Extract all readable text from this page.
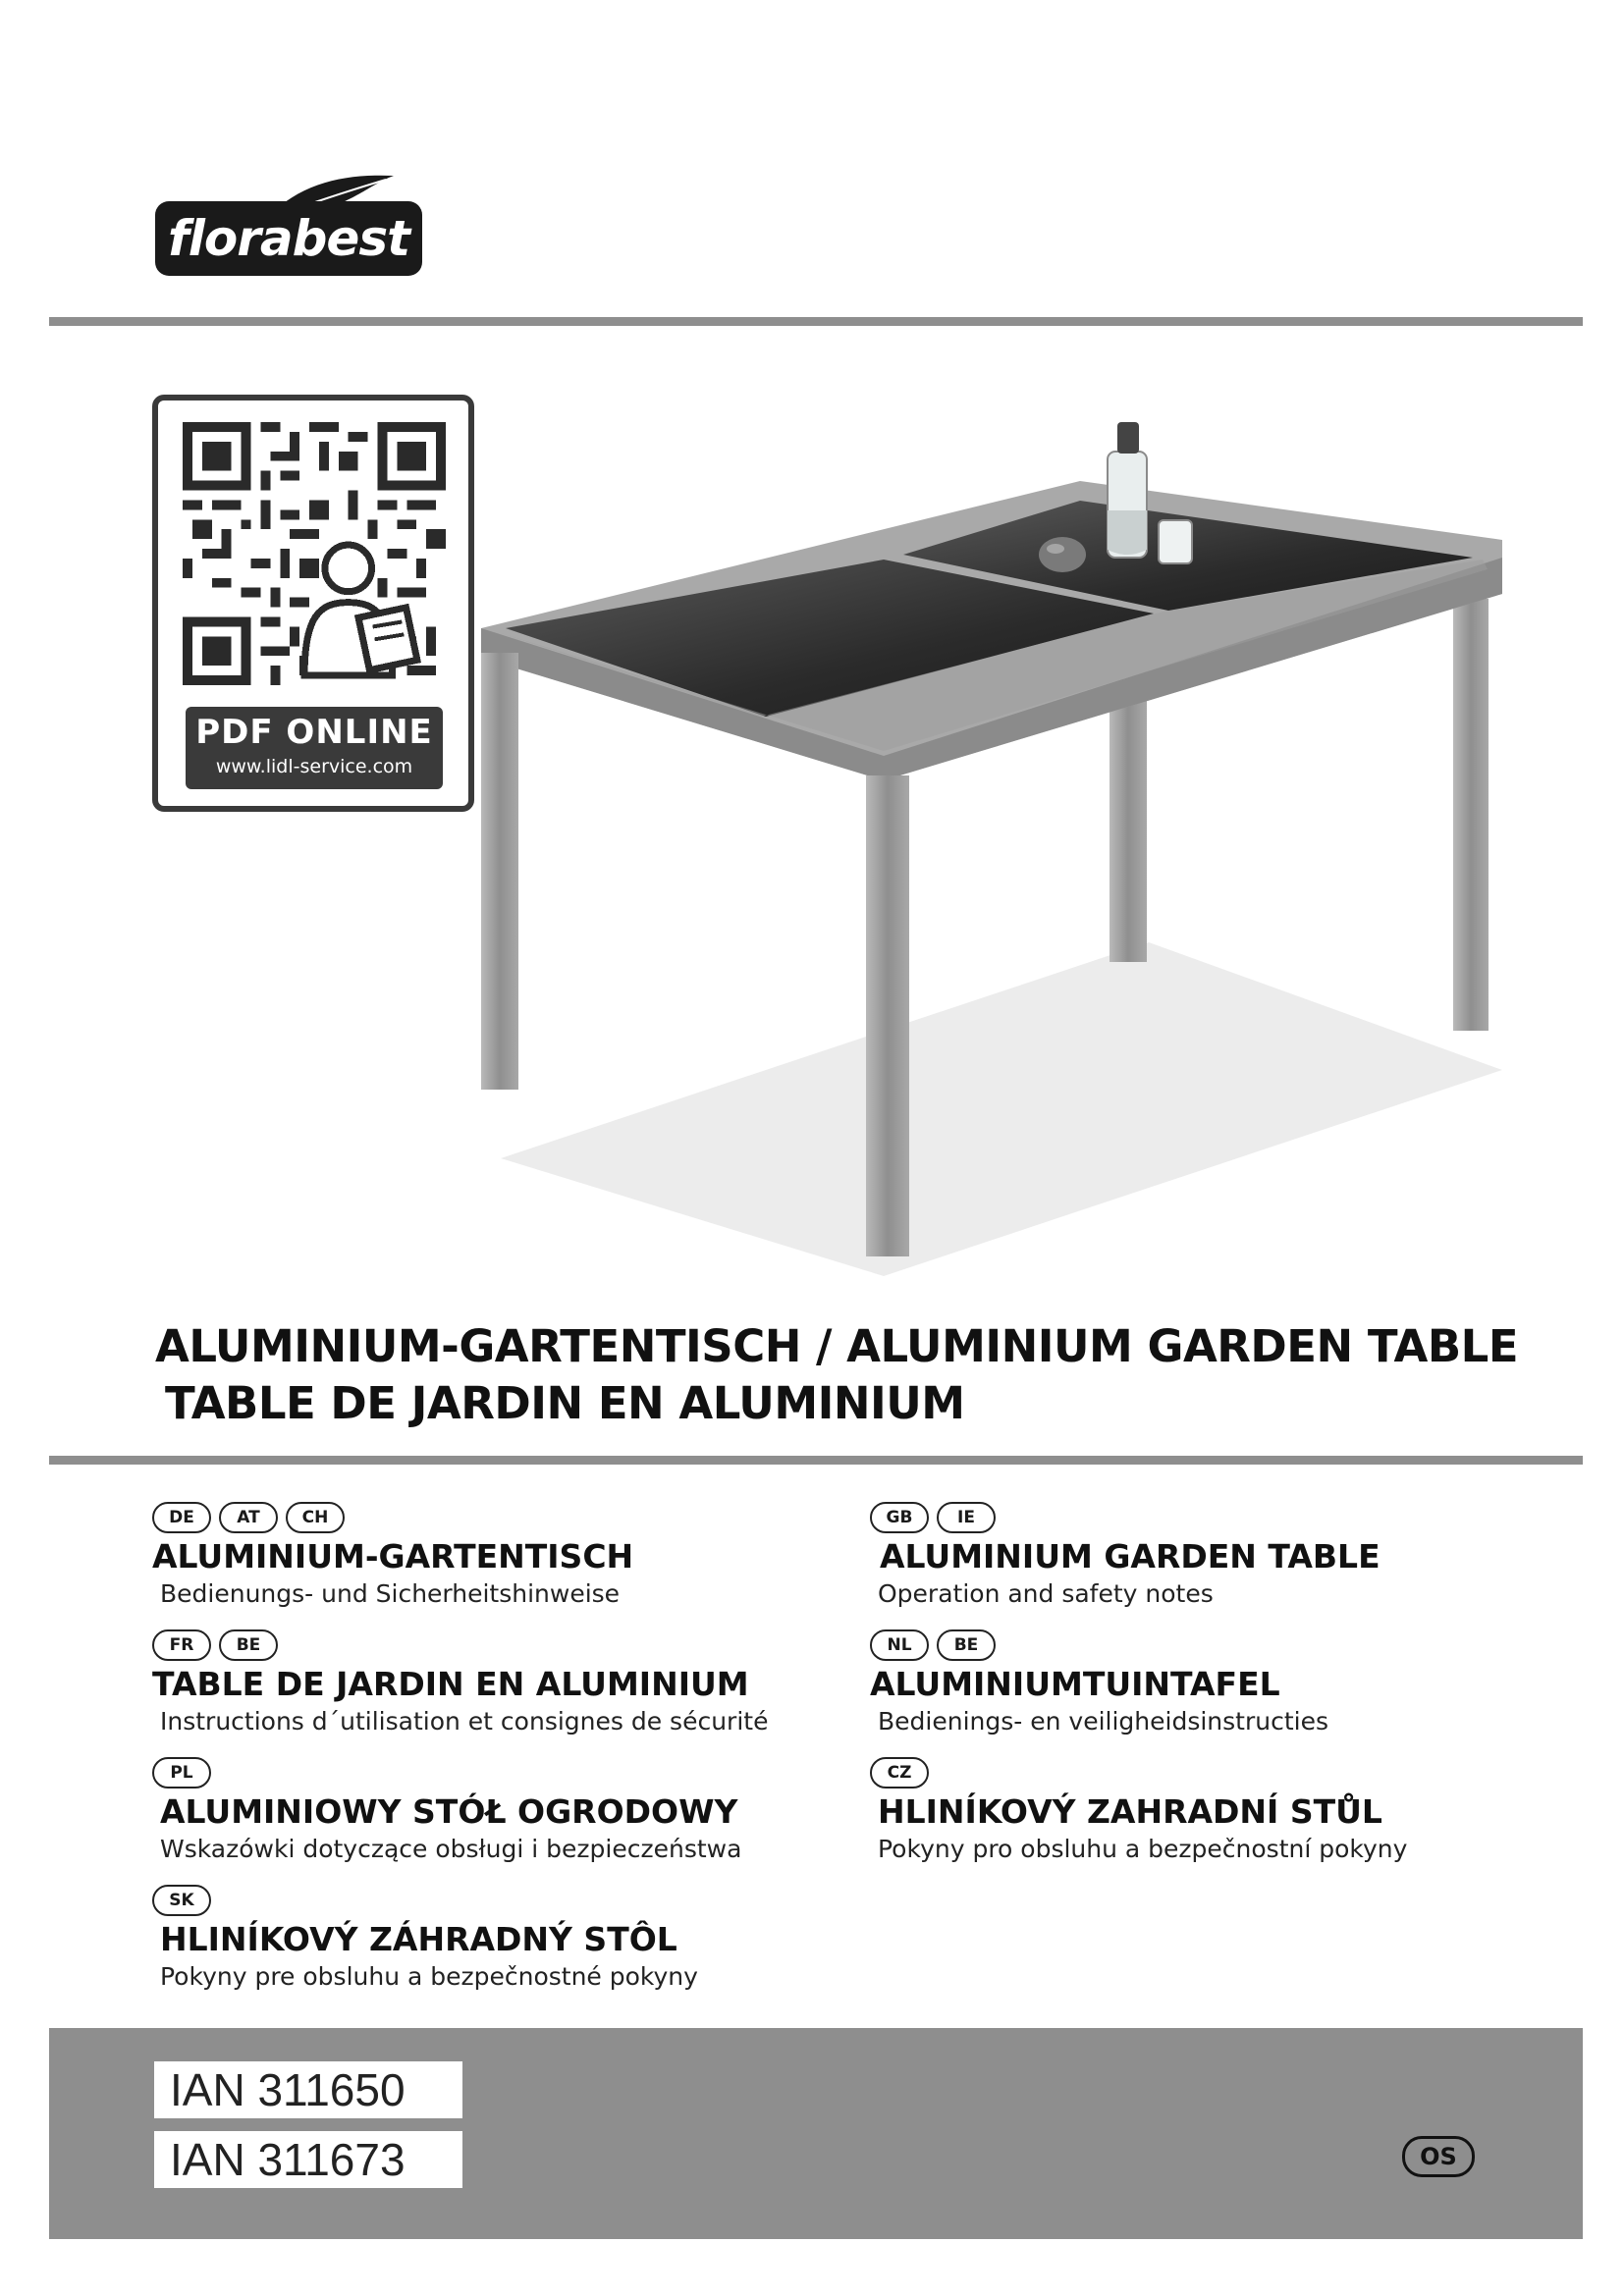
florabest
PDF ONLINE
www.lidl-service.com
ALUMINIUM-GARTENTISCH / ALUMINIUM GARDEN TABLE
TABLE DE JARDIN EN ALUMINIUM
DE	AT	CH
ALUMINIUM-GARTENTISCH
Bedienungs- und Sicherheitshinweise
FR	BE
TABLE DE JARDIN EN ALUMINIUM
Instructions d´utilisation et consignes de sécurité
PL
ALUMINIOWY STÓŁ OGRODOWY
Wskazówki dotyczące obsługi i bezpieczeństwa
SK
HLINÍKOVÝ ZÁHRADNÝ STÔL
Pokyny pre obsluhu a bezpečnostné pokyny
GB	IE
ALUMINIUM GARDEN TABLE
Operation and safety notes
NL	BE
ALUMINIUMTUINTAFEL
Bedienings- en veiligheidsinstructies
CZ
HLINÍKOVÝ ZAHRADNÍ STŮL
Pokyny pro obsluhu a bezpečnostní pokyny
IAN 311650
IAN 311673	OS
